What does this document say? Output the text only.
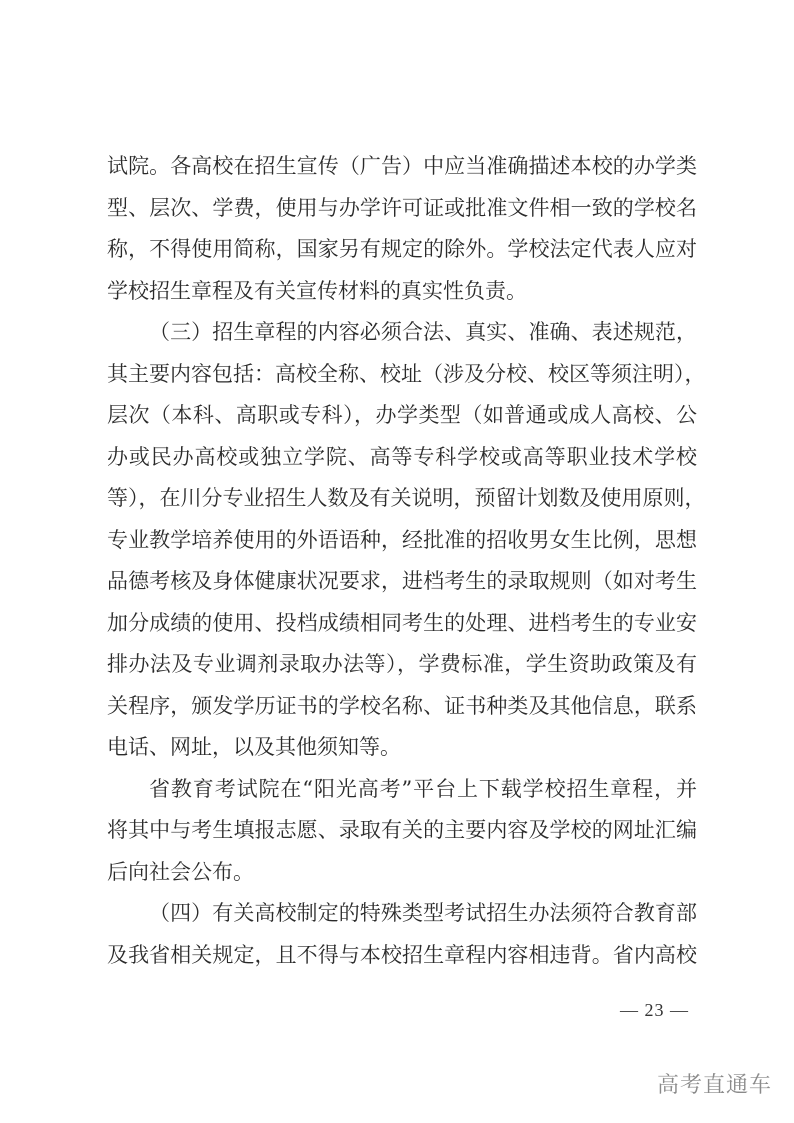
试院。各高校在招生宣传（广告）中应当准确描述本校的办学类
型、层次、学费，使用与办学许可证或批准文件相一致的学校名
称，不得使用简称，国家另有规定的除外。学校法定代表人应对
学校招生章程及有关宣传材料的真实性负责。
（三）招生章程的内容必须合法、真实、准确、表述规范，
其主要内容包括：高校全称、校址（涉及分校、校区等须注明），
层次（本科、高职或专科），办学类型（如普通或成人高校、公
办或民办高校或独立学院、高等专科学校或高等职业技术学校
等），在川分专业招生人数及有关说明，预留计划数及使用原则，
专业教学培养使用的外语语种，经批准的招收男女生比例，思想
品德考核及身体健康状况要求，进档考生的录取规则（如对考生
加分成绩的使用、投档成绩相同考生的处理、进档考生的专业安
排办法及专业调剂录取办法等），学费标准，学生资助政策及有
关程序，颁发学历证书的学校名称、证书种类及其他信息，联系
电话、网址，以及其他须知等。
省教育考试院在“阳光高考”平台上下载学校招生章程，并
将其中与考生填报志愿、录取有关的主要内容及学校的网址汇编
后向社会公布。
（四）有关高校制定的特殊类型考试招生办法须符合教育部
及我省相关规定，且不得与本校招生章程内容相违背。省内高校
— 23 —
高考直通车
